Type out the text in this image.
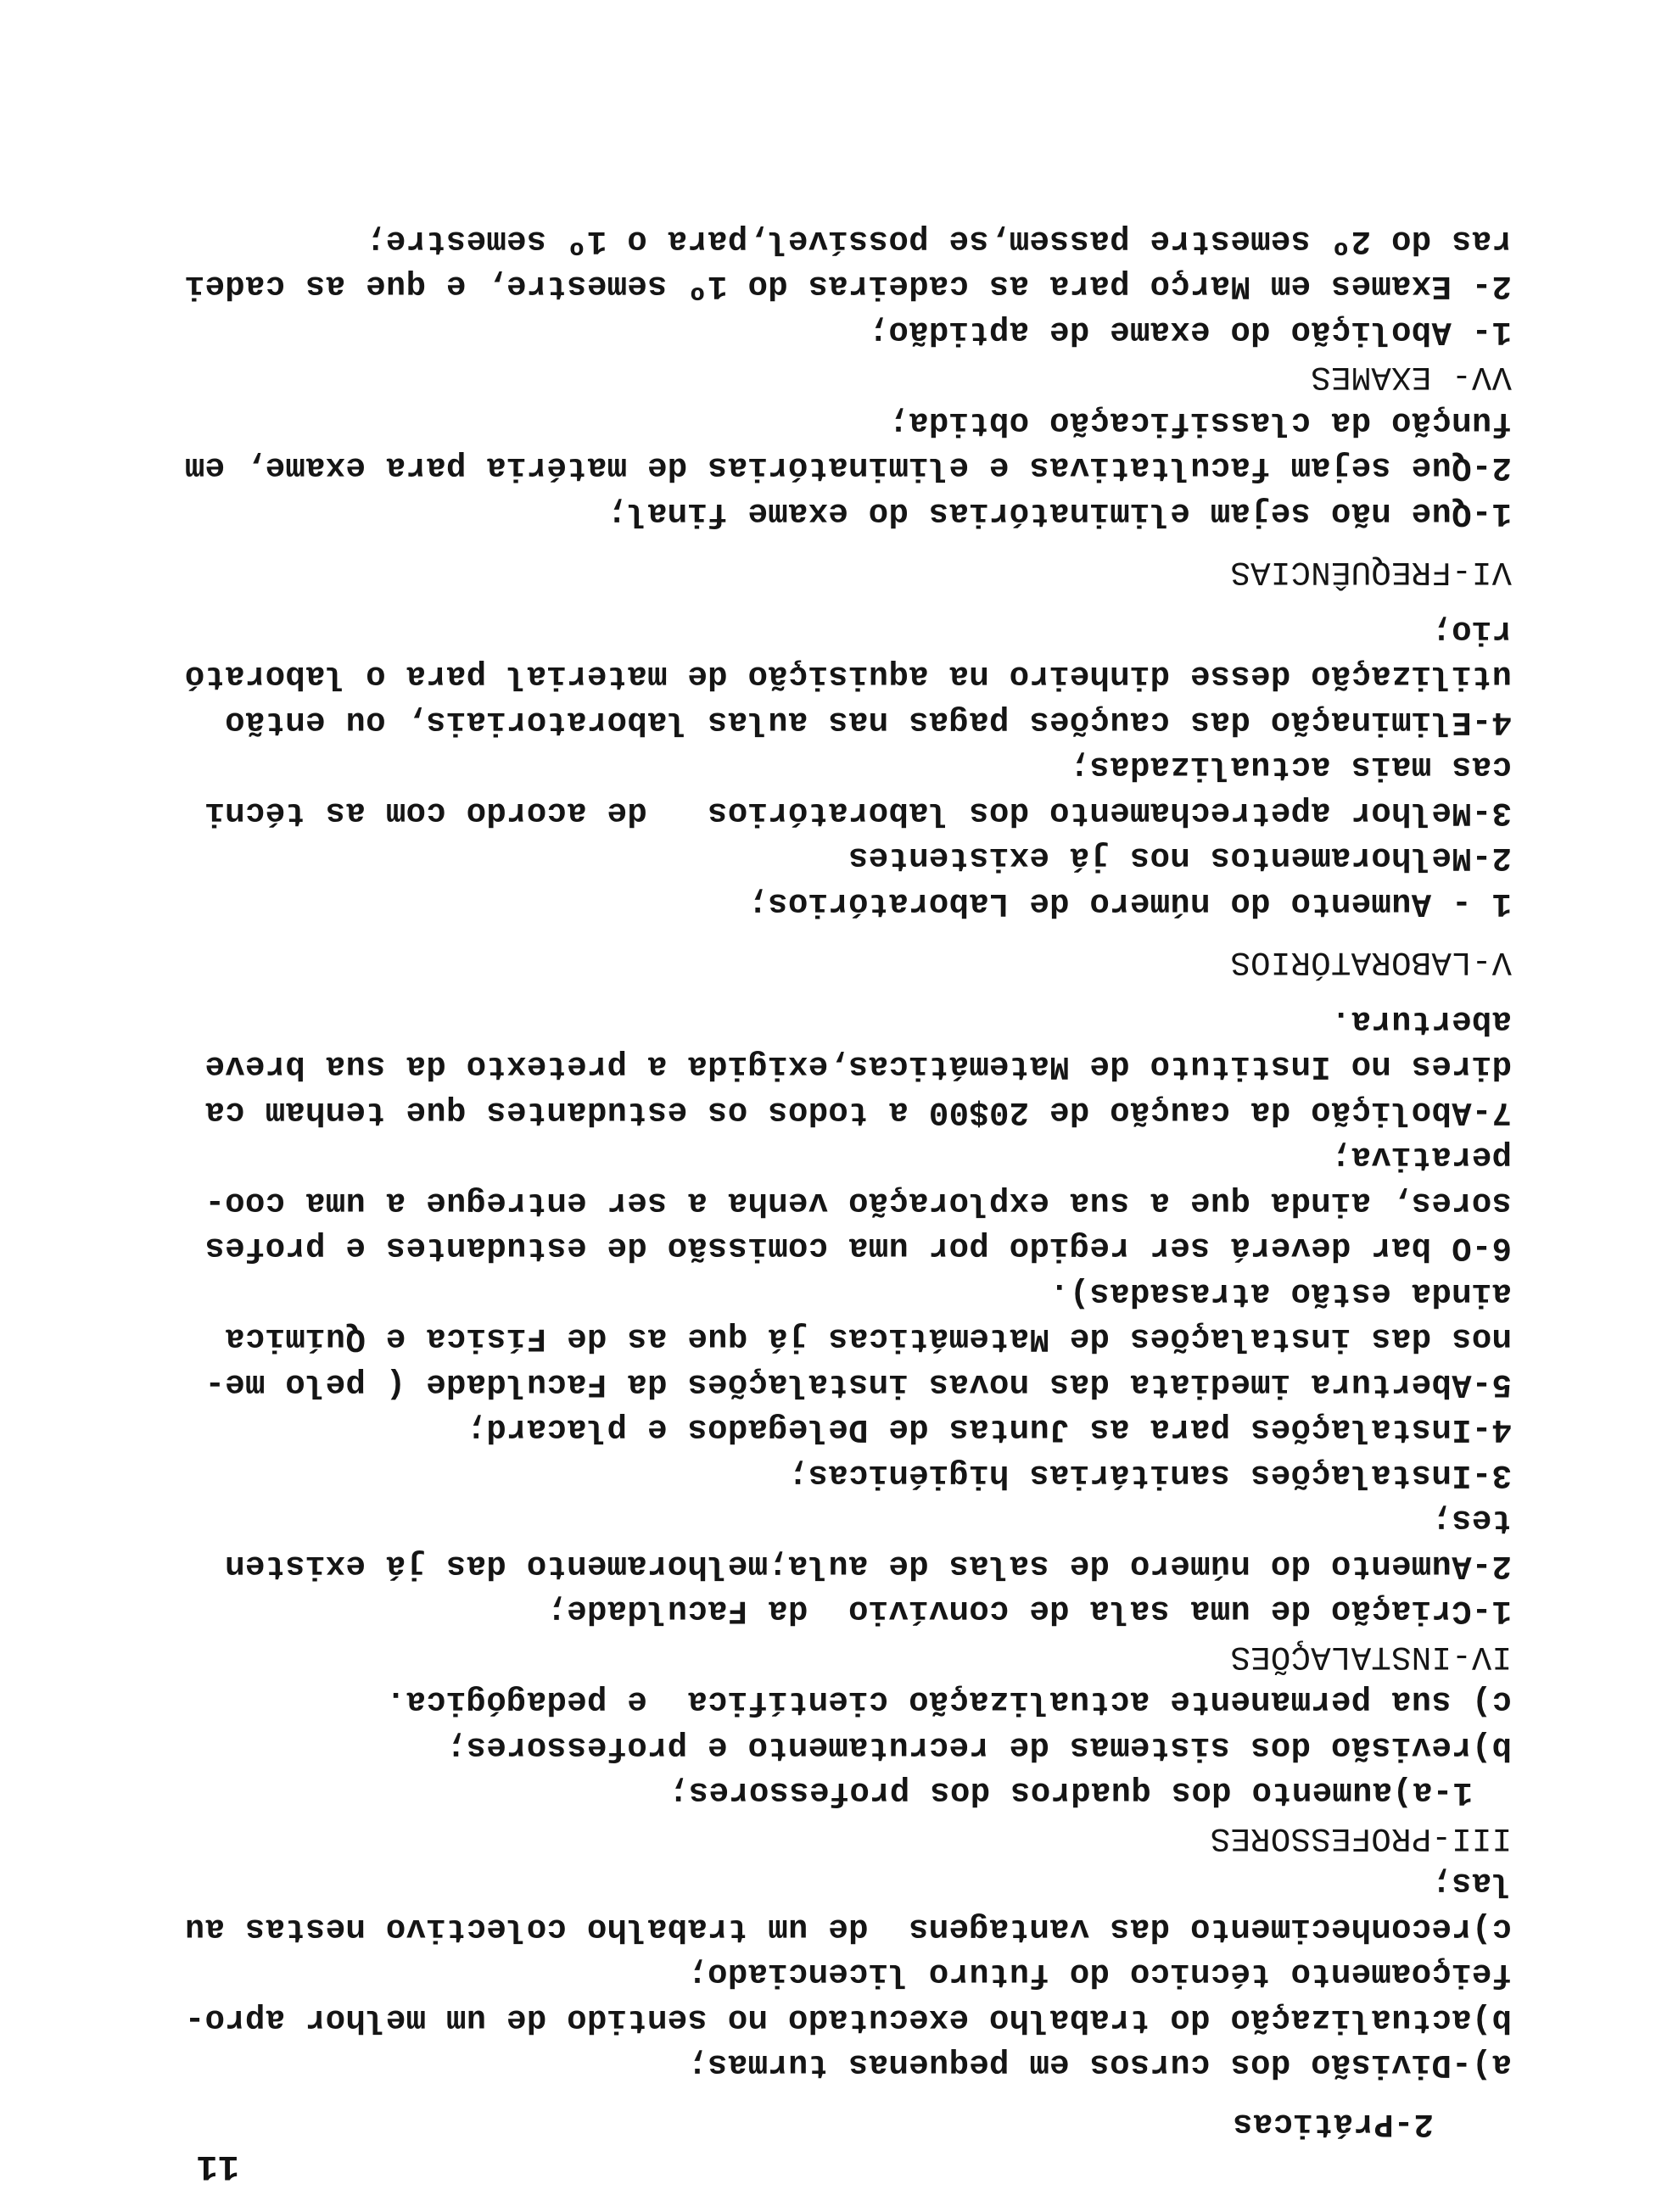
11
2-Práticas
a)-Divisão dos cursos em pequenas turmas;
b)actualização do trabalho executado no sentido de um melhor apro-
feiçoamento técnico do futuro licenciado;
c)reconhecimento das vantagens  de um trabalho colectivo nestas au
las;
III-PROFESSORES
1-a)aumento dos quadros dos professores;
b)revisão dos sistemas de recrutamento e professores;
c) sua permanente actualização científica  e pedagógica.
IV-INSTALAÇÕES
1-Criação de uma sala de convívio  da Faculdade;
2-Aumento do número de salas de aula;melhoramento das já existen
tes;
3-Instalações sanitárias higiénicas;
4-Instalações para as Juntas de Delegados e placard;
5-Abertura imediata das novas instalações da Faculdade ( pelo me-
nos das instalações de Matemáticas já que as de Física e Química
ainda estão atrasadas).
6-O bar deverá ser regido por uma comissão de estudantes e profes
sores, ainda que a sua exploração venha a ser entregue a uma coo-
perativa;
7-Abolição da caução de 20$00 a todos os estudantes que tenham ca
dires no Instituto de Matemáticas,exigida a pretexto da sua breve
abertura.
V-LABORATÓRIOS
1 - Aumento do número de Laboratórios;
2-Melhoramentos nos já existentes
3-Melhor apetrechamento dos laboratórios   de acordo com as técni
cas mais actualizadas;
4-Eliminação das cauções pagas nas aulas laboratoriais, ou então
utilização desse dinheiro na aquisição de material para o laborató
rio;
VI-FREQUÊNCIAS
1-Que não sejam eliminatórias do exame final;
2-Que sejam facultativas e eliminatórias de matéria para exame, em
função da classificação obtida;
VV- EXAMES
1- Abolição do exame de aptidão;
2- Exames em Março para as cadeiras do 1º semestre, e que as cadei
ras do 2º semestre passem,se possível,para o 1º semestre;
